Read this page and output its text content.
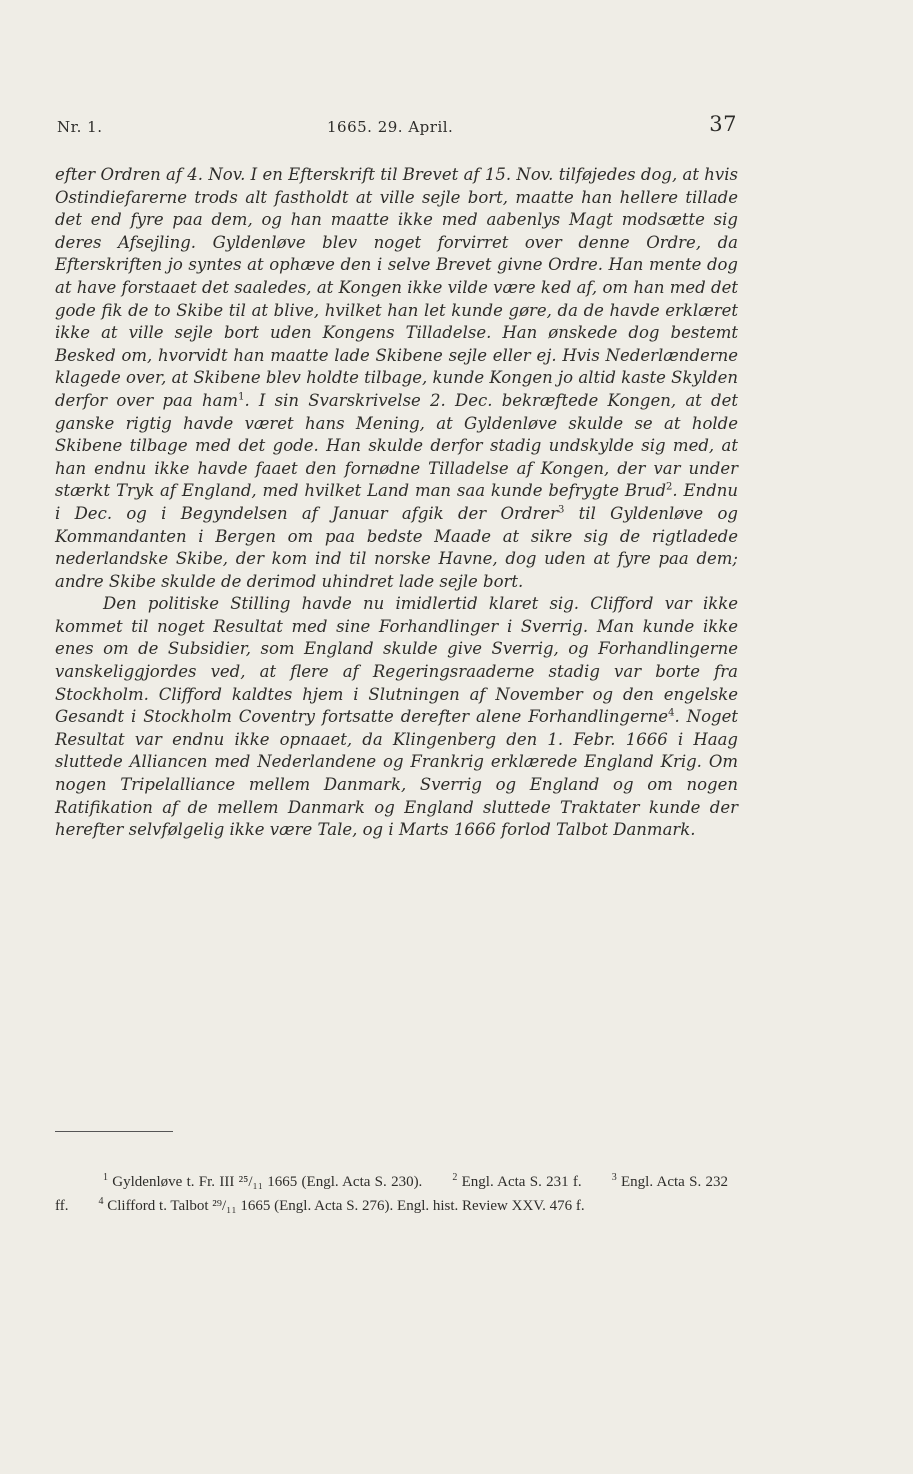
Nr. 1.	1665. 29. April.	37

efter Ordren af 4. Nov. I en Efterskrift til Brevet af 15. Nov. tilføjedes dog, at hvis Ostindiefarerne trods alt fastholdt at ville sejle bort, maatte han hellere tillade det end fyre paa dem, og han maatte ikke med aabenlys Magt modsætte sig deres Afsejling. Gyldenløve blev noget forvirret over denne Ordre, da Efterskriften jo syntes at ophæve den i selve Brevet givne Ordre. Han mente dog at have forstaaet det saaledes, at Kongen ikke vilde være ked af, om han med det gode fik de to Skibe til at blive, hvilket han let kunde gøre, da de havde erklæret ikke at ville sejle bort uden Kongens Tilladelse. Han ønskede dog bestemt Besked om, hvorvidt han maatte lade Skibene sejle eller ej. Hvis Nederlænderne klagede over, at Skibene blev holdte tilbage, kunde Kongen jo altid kaste Skylden derfor over paa ham$^1$. I sin Svarskrivelse 2. Dec. bekræftede Kongen, at det ganske rigtig havde været hans Mening, at Gyldenløve skulde se at holde Skibene tilbage med det gode. Han skulde derfor stadig undskylde sig med, at han endnu ikke havde faaet den fornødne Tilladelse af Kongen, der var under stærkt Tryk af England, med hvilket Land man saa kunde befrygte Brud$^2$. Endnu i Dec. og i Begyndelsen af Januar afgik der Ordrer$^3$ til Gyldenløve og Kommandanten i Bergen om paa bedste Maade at sikre sig de rigtladede nederlandske Skibe, der kom ind til norske Havne, dog uden at fyre paa dem; andre Skibe skulde de derimod uhindret lade sejle bort.

Den politiske Stilling havde nu imidlertid klaret sig. Clifford var ikke kommet til noget Resultat med sine Forhandlinger i Sverrig. Man kunde ikke enes om de Subsidier, som England skulde give Sverrig, og Forhandlingerne vanskeliggjordes ved, at flere af Regeringsraaderne stadig var borte fra Stockholm. Clifford kaldtes hjem i Slutningen af November og den engelske Gesandt i Stockholm Coventry fortsatte derefter alene Forhandlingerne$^4$. Noget Resultat var endnu ikke opnaaet, da Klingenberg den 1. Febr. 1666 i Haag sluttede Alliancen med Nederlandene og Frankrig erklærede England Krig. Om nogen Tripelalliance mellem Danmark, Sverrig og England og om nogen Ratifikation af de mellem Danmark og England sluttede Traktater kunde der herefter selvfølgelig ikke være Tale, og i Marts 1666 forlod Talbot Danmark.

$^1$ Gyldenløve t. Fr. III ²⁵/₁₁ 1665 (Engl. Acta S. 230).	$^2$ Engl. Acta S. 231 f.	$^3$ Engl. Acta S. 232 ff.	$^4$ Clifford t. Talbot ²⁹/₁₁ 1665 (Engl. Acta S. 276). Engl. hist. Review XXV. 476 f.
